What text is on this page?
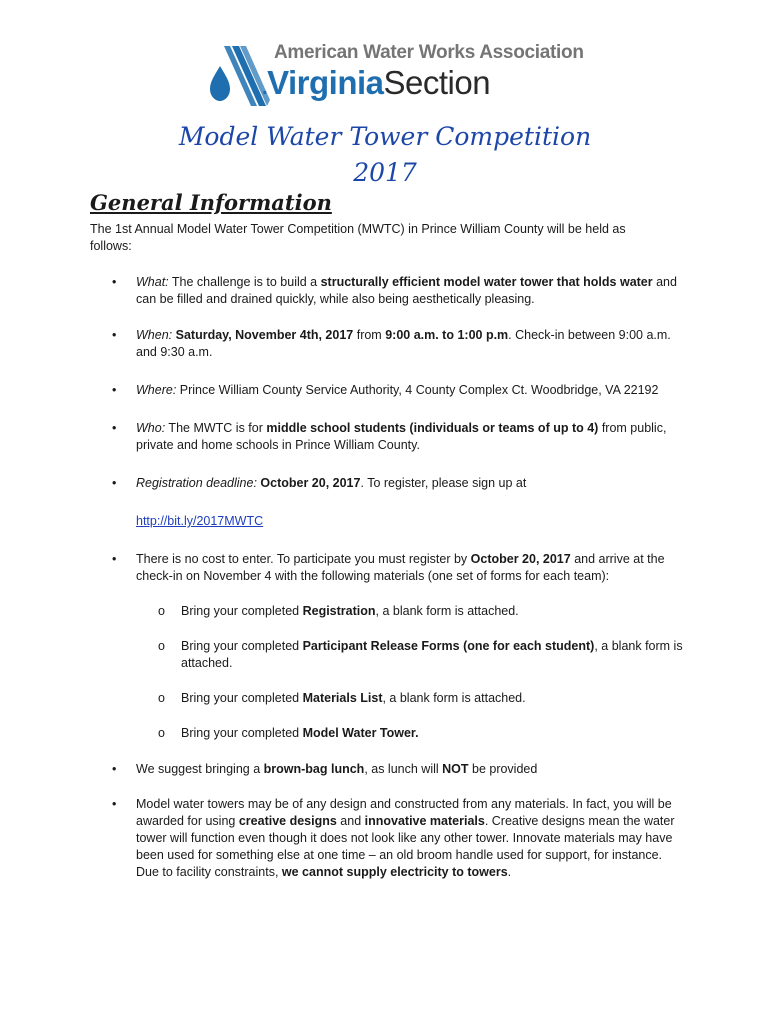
American Water Works Association
.VirginiaSection
Model Water Tower Competition
2017
General Information
The 1st Annual Model Water Tower Competition (MWTC) in Prince William County will be held as follows:
• What: The challenge is to build a structurally efficient model water tower that holds water and can be filled and drained quickly, while also being aesthetically pleasing.
• When: Saturday, November 4th, 2017 from 9:00 a.m. to 1:00 p.m. Check-in between 9:00 a.m. and 9:30 a.m.
• Where: Prince William County Service Authority, 4 County Complex Ct. Woodbridge, VA 22192
• Who: The MWTC is for middle school students (individuals or teams of up to 4) from public, private and home schools in Prince William County.
• Registration deadline: October 20, 2017. To register, please sign up at
http://bit.ly/2017MWTC
• There is no cost to enter. To participate you must register by October 20, 2017 and arrive at the check-in on November 4 with the following materials (one set of forms for each team):
o Bring your completed Registration, a blank form is attached.
o Bring your completed Participant Release Forms (one for each student), a blank form is attached.
o Bring your completed Materials List, a blank form is attached.
o Bring your completed Model Water Tower.
• We suggest bringing a brown-bag lunch, as lunch will NOT be provided
• Model water towers may be of any design and constructed from any materials. In fact, you will be awarded for using creative designs and innovative materials. Creative designs mean the water tower will function even though it does not look like any other tower. Innovate materials may have been used for something else at one time – an old broom handle used for support, for instance. Due to facility constraints, we cannot supply electricity to towers.
